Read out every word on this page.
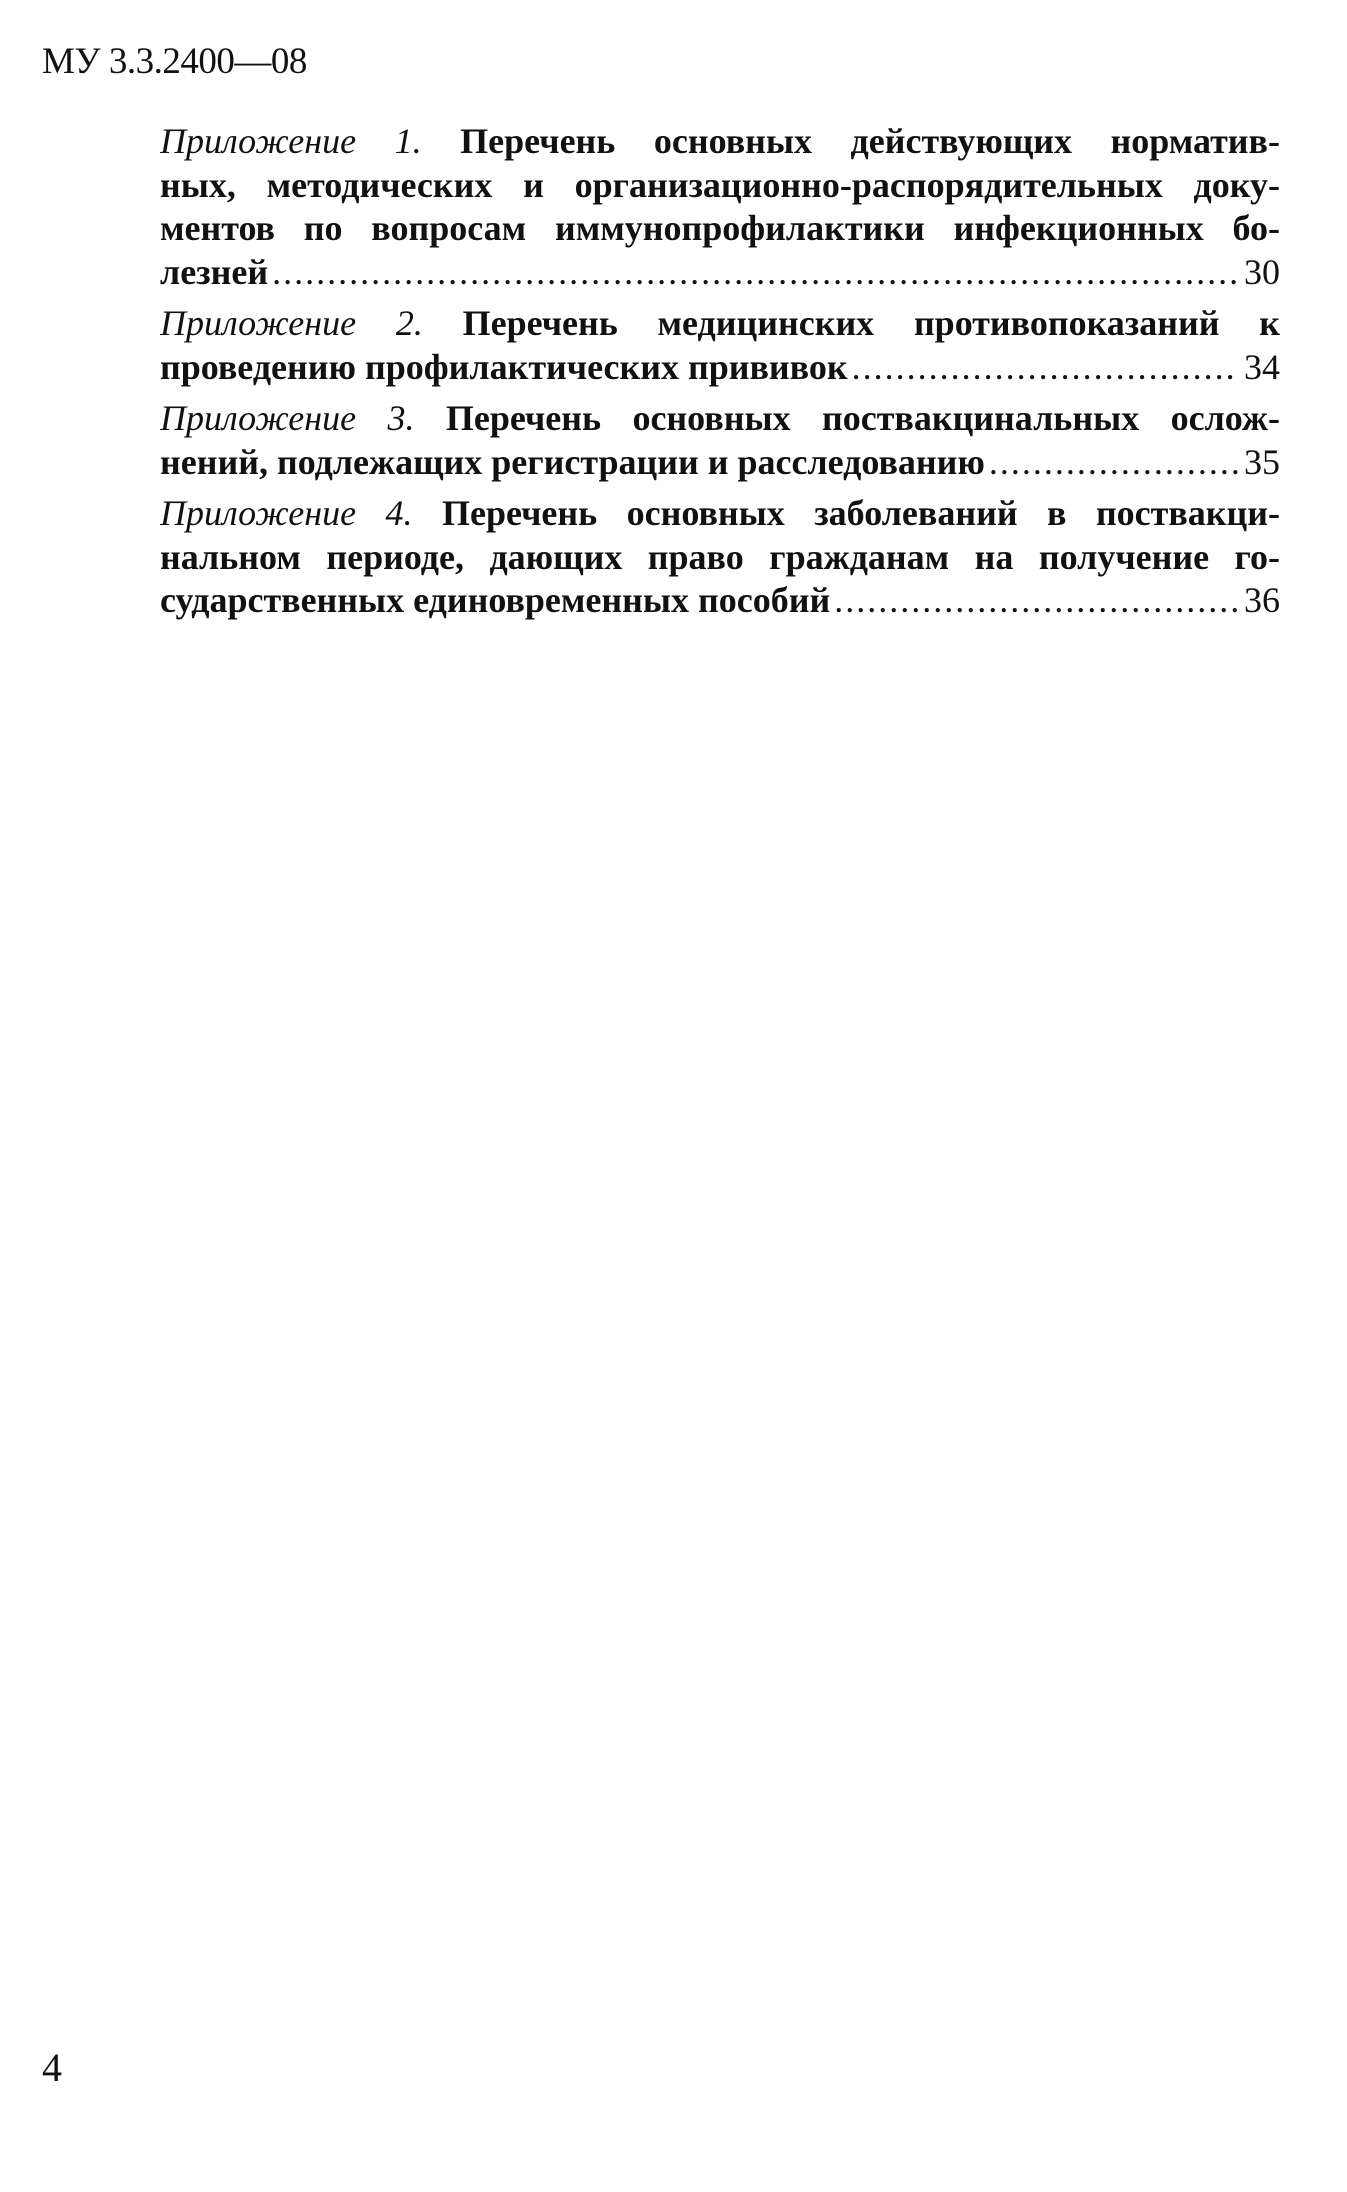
МУ 3.3.2400—08
Приложение 1. Перечень основных действующих норматив-
ных, методических и организационно-распорядительных доку-
ментов по вопросам иммунопрофилактики инфекционных бо-
лезней .....	30
Приложение 2. Перечень медицинских противопоказаний к
проведению профилактических прививок .....	34
Приложение 3. Перечень основных поствакцинальных ослож-
нений, подлежащих регистрации и расследованию .....	35
Приложение 4. Перечень основных заболеваний в поствакци-
нальном периоде, дающих право гражданам на получение го-
сударственных единовременных пособий .....	36
4
